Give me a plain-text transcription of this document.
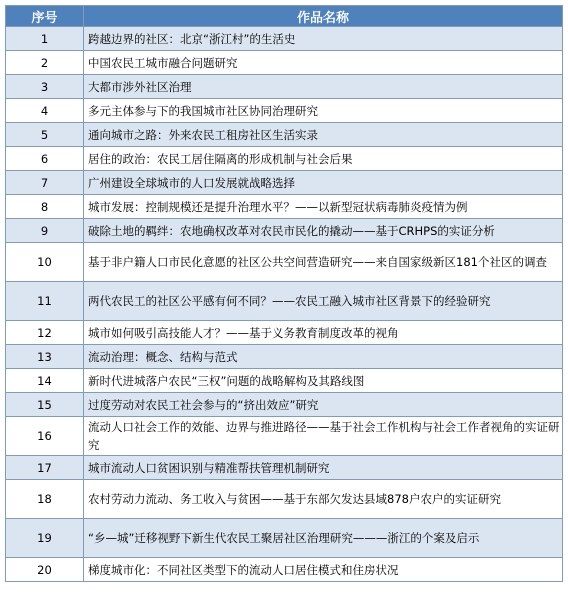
序号	作品名称
1	跨越边界的社区：北京“浙江村”的生活史
2	中国农民工城市融合问题研究
3	大都市涉外社区治理
4	多元主体参与下的我国城市社区协同治理研究
5	通向城市之路：外来农民工租房社区生活实录
6	居住的政治：农民工居住隔离的形成机制与社会后果
7	广州建设全球城市的人口发展就战略选择
8	城市发展：控制规模还是提升治理水平？——以新型冠状病毒肺炎疫情为例
9	破除土地的羁绊：农地确权改革对农民市民化的撬动——基于CRHPS的实证分析
10	基于非户籍人口市民化意愿的社区公共空间营造研究——来自国家级新区181个社区的调查
11	两代农民工的社区公平感有何不同？——农民工融入城市社区背景下的经验研究
12	城市如何吸引高技能人才？——基于义务教育制度改革的视角
13	流动治理：概念、结构与范式
14	新时代进城落户农民“三权”问题的战略解构及其路线图
15	过度劳动对农民工社会参与的“挤出效应”研究
16	流动人口社会工作的效能、边界与推进路径——基于社会工作机构与社会工作者视角的实证研究
17	城市流动人口贫困识别与精准帮扶管理机制研究
18	农村劳动力流动、务工收入与贫困——基于东部欠发达县域878户农户的实证研究
19	“乡—城”迁移视野下新生代农民工聚居社区治理研究———浙江的个案及启示
20	梯度城市化：不同社区类型下的流动人口居住模式和住房状况
